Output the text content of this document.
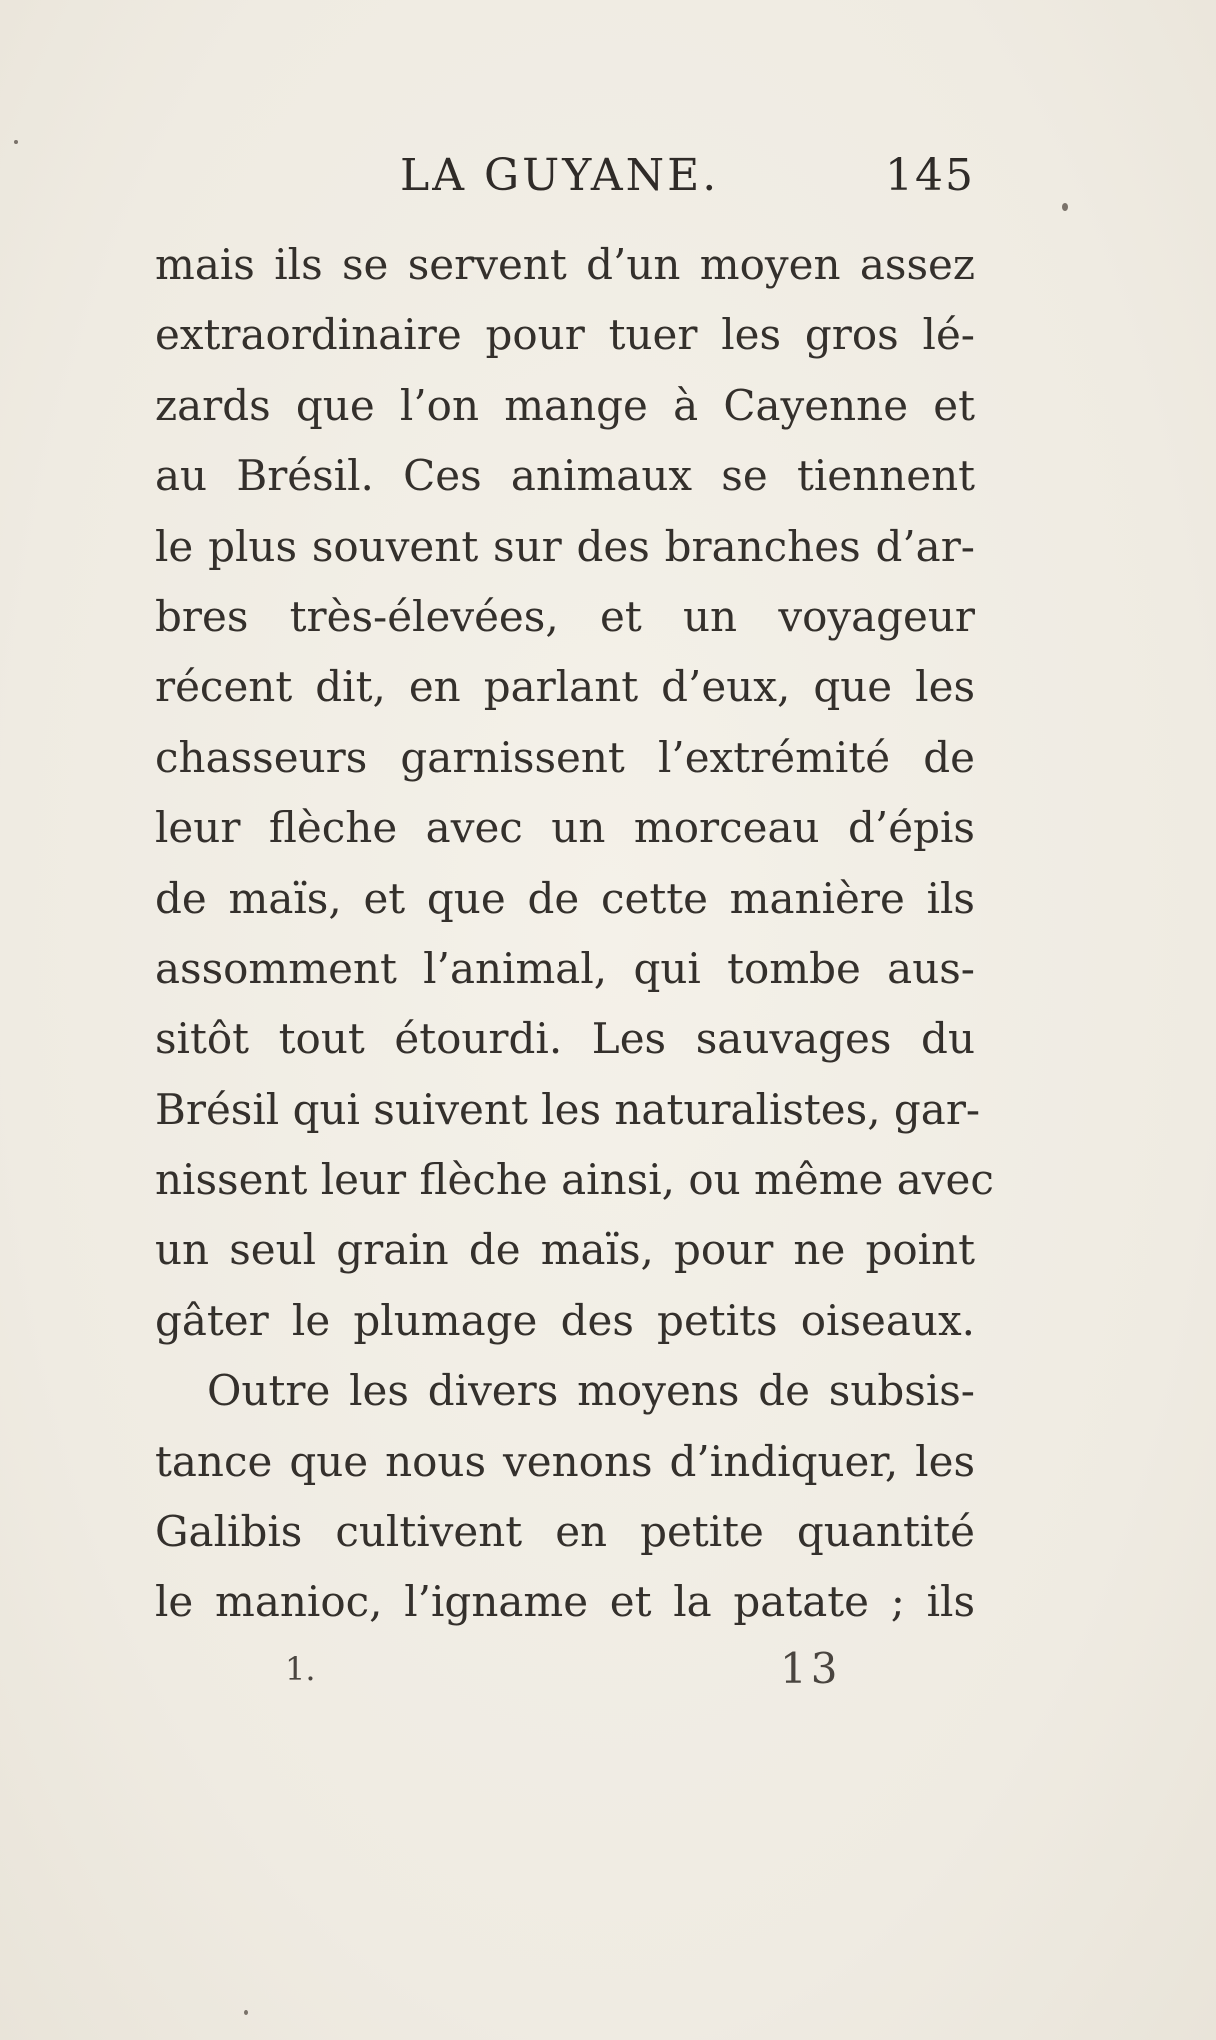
LA GUYANE.	145
mais ils se servent d’un moyen assez
extraordinaire pour tuer les gros lé-
zards que l’on mange à Cayenne et
au Brésil. Ces animaux se tiennent
le plus souvent sur des branches d’ar-
bres très-élevées, et un voyageur
récent dit, en parlant d’eux, que les
chasseurs garnissent l’extrémité de
leur flèche avec un morceau d’épis
de maïs, et que de cette manière ils
assomment l’animal, qui tombe aus-
sitôt tout étourdi. Les sauvages du
Brésil qui suivent les naturalistes, gar-
nissent leur flèche ainsi, ou même avec
un seul grain de maïs, pour ne point
gâter le plumage des petits oiseaux.
Outre les divers moyens de subsis-
tance que nous venons d’indiquer, les
Galibis cultivent en petite quantité
le manioc, l’igname et la patate ; ils
1.	13
